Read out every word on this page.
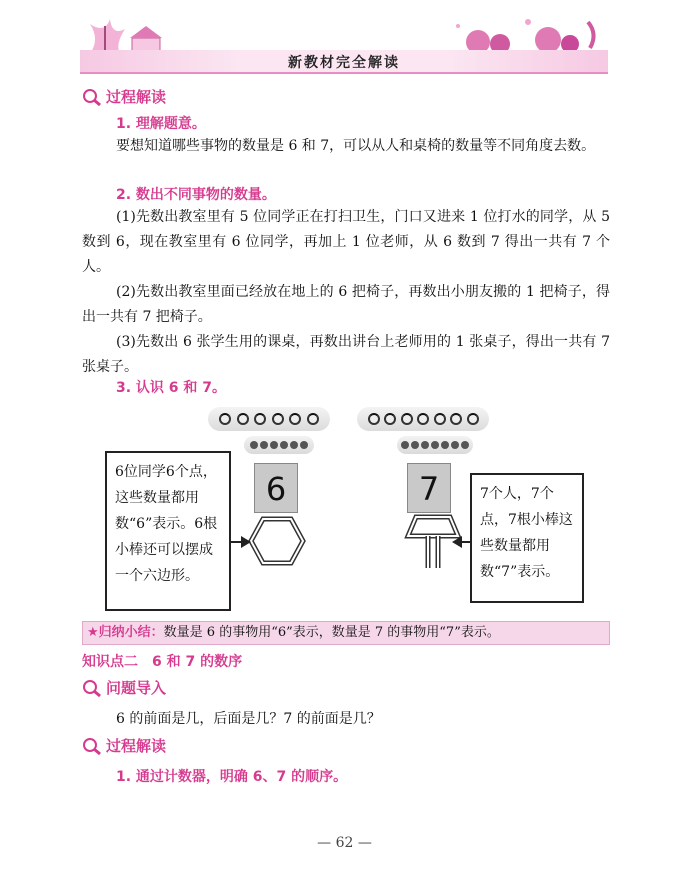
新教材完全解读
过程解读
1. 理解题意。
要想知道哪些事物的数量是 6 和 7，可以从人和桌椅的数量等不同角度去数。
2. 数出不同事物的数量。
(1)先数出教室里有 5 位同学正在打扫卫生，门口又进来 1 位打水的同学，从 5 数到 6，现在教室里有 6 位同学，再加上 1 位老师，从 6 数到 7 得出一共有 7 个人。
(2)先数出教室里面已经放在地上的 6 把椅子，再数出小朋友搬的 1 把椅子，得出一共有 7 把椅子。
(3)先数出 6 张学生用的课桌，再数出讲台上老师用的 1 张桌子，得出一共有 7 张桌子。
3. 认识 6 和 7。
6
6位同学6个点，这些数量都用数“6”表示。6根小棒还可以摆成一个六边形。
7	7个人，7个点，7根小棒这些数量都用数“7”表示。
★归纳小结：数量是 6 的事物用“6”表示，数量是 7 的事物用“7”表示。
知识点二　6 和 7 的数序
问题导入
6 的前面是几，后面是几？7 的前面是几？
过程解读
1. 通过计数器，明确 6、7 的顺序。
— 62 —
